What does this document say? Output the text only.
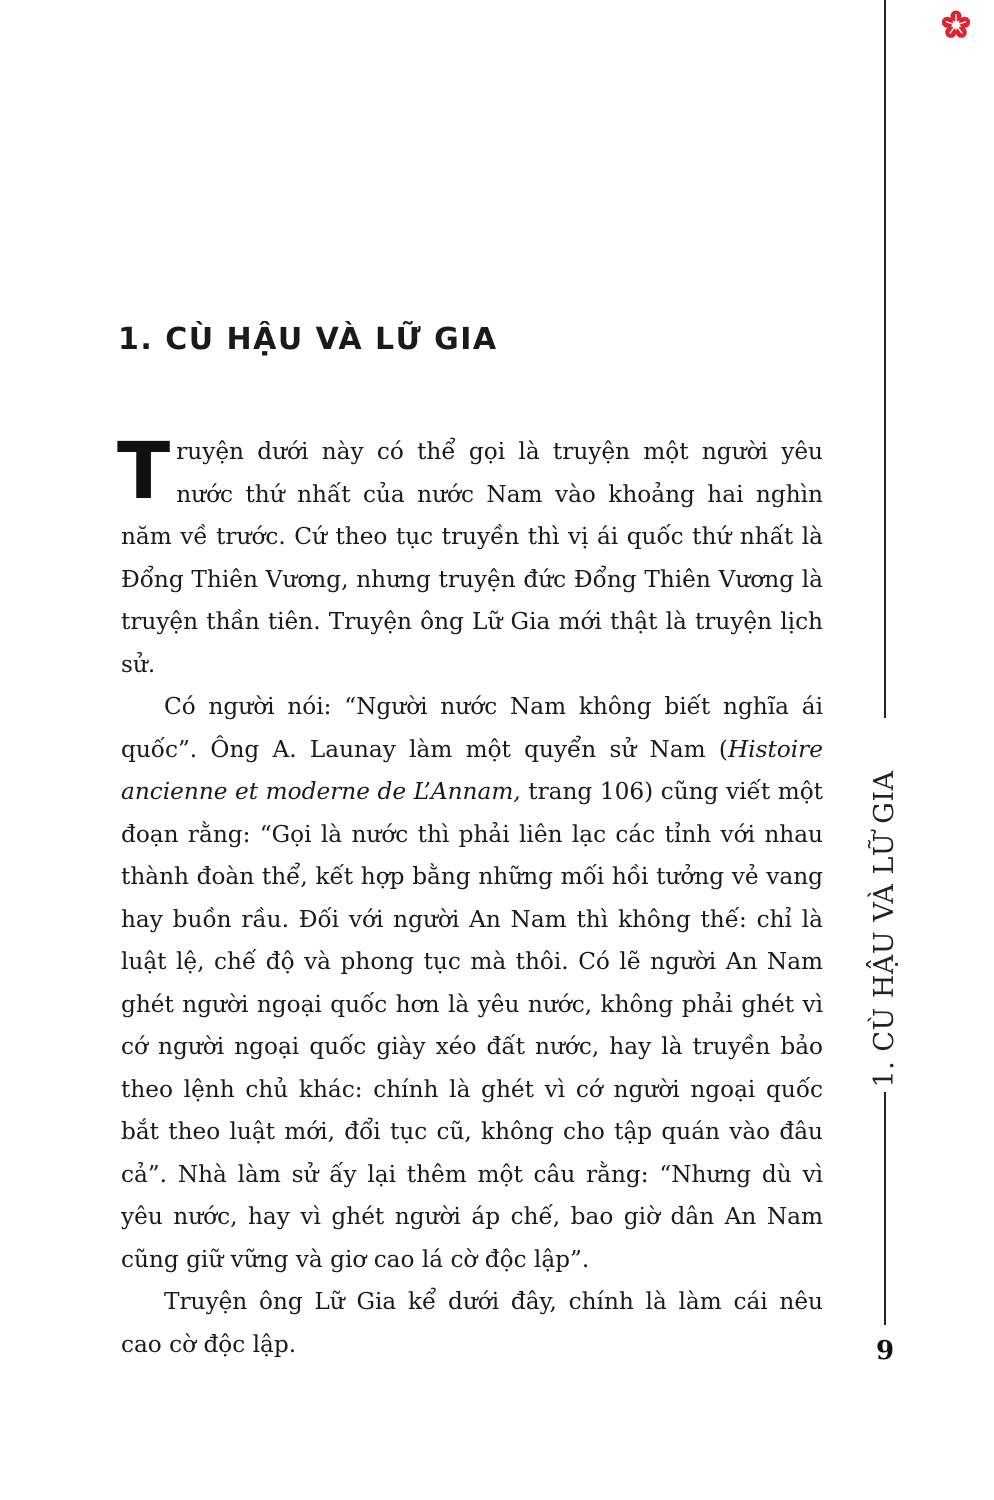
1. CÙ HẬU VÀ LỮ GIA
9
1. CÙ HẬU VÀ LỮ GIA

Truyện dưới này có thể gọi là truyện một người yêu nước thứ nhất của nước Nam vào khoảng hai nghìn năm về trước. Cứ theo tục truyền thì vị ái quốc thứ nhất là Đổng Thiên Vương, nhưng truyện đức Đổng Thiên Vương là truyện thần tiên. Truyện ông Lữ Gia mới thật là truyện lịch sử.

Có người nói: “Người nước Nam không biết nghĩa ái quốc”. Ông A. Launay làm một quyển sử Nam (Histoire ancienne et moderne de L’Annam, trang 106) cũng viết một đoạn rằng: “Gọi là nước thì phải liên lạc các tỉnh với nhau thành đoàn thể, kết hợp bằng những mối hồi tưởng vẻ vang hay buồn rầu. Đối với người An Nam thì không thế: chỉ là luật lệ, chế độ và phong tục mà thôi. Có lẽ người An Nam ghét người ngoại quốc hơn là yêu nước, không phải ghét vì cớ người ngoại quốc giày xéo đất nước, hay là truyền bảo theo lệnh chủ khác: chính là ghét vì cớ người ngoại quốc bắt theo luật mới, đổi tục cũ, không cho tập quán vào đâu cả”. Nhà làm sử ấy lại thêm một câu rằng: “Nhưng dù vì yêu nước, hay vì ghét người áp chế, bao giờ dân An Nam cũng giữ vững và giơ cao lá cờ độc lập”.

Truyện ông Lữ Gia kể dưới đây, chính là làm cái nêu cao cờ độc lập.
